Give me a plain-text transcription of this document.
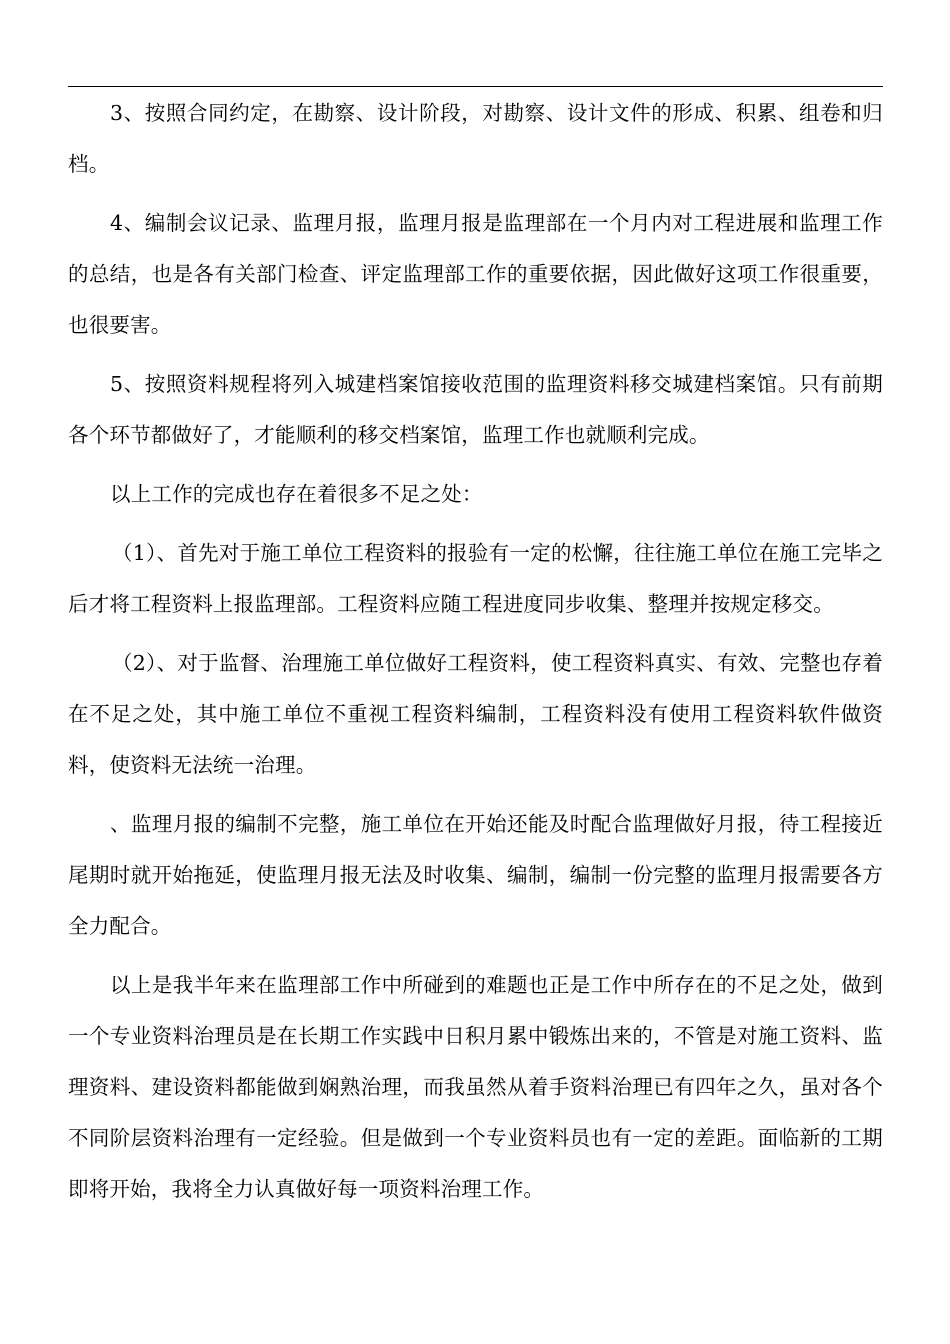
3、按照合同约定，在勘察、设计阶段，对勘察、设计文件的形成、积累、组卷和归档。

4、编制会议记录、监理月报，监理月报是监理部在一个月内对工程进展和监理工作的总结，也是各有关部门检查、评定监理部工作的重要依据，因此做好这项工作很重要，也很要害。

5、按照资料规程将列入城建档案馆接收范围的监理资料移交城建档案馆。只有前期各个环节都做好了，才能顺利的移交档案馆，监理工作也就顺利完成。

以上工作的完成也存在着很多不足之处：

（1）、首先对于施工单位工程资料的报验有一定的松懈，往往施工单位在施工完毕之后才将工程资料上报监理部。工程资料应随工程进度同步收集、整理并按规定移交。

（2）、对于监督、治理施工单位做好工程资料，使工程资料真实、有效、完整也存着在不足之处，其中施工单位不重视工程资料编制，工程资料没有使用工程资料软件做资料，使资料无法统一治理。

、监理月报的编制不完整，施工单位在开始还能及时配合监理做好月报，待工程接近尾期时就开始拖延，使监理月报无法及时收集、编制，编制一份完整的监理月报需要各方全力配合。

以上是我半年来在监理部工作中所碰到的难题也正是工作中所存在的不足之处，做到一个专业资料治理员是在长期工作实践中日积月累中锻炼出来的，不管是对施工资料、监理资料、建设资料都能做到娴熟治理，而我虽然从着手资料治理已有四年之久，虽对各个不同阶层资料治理有一定经验。但是做到一个专业资料员也有一定的差距。面临新的工期即将开始，我将全力认真做好每一项资料治理工作。
